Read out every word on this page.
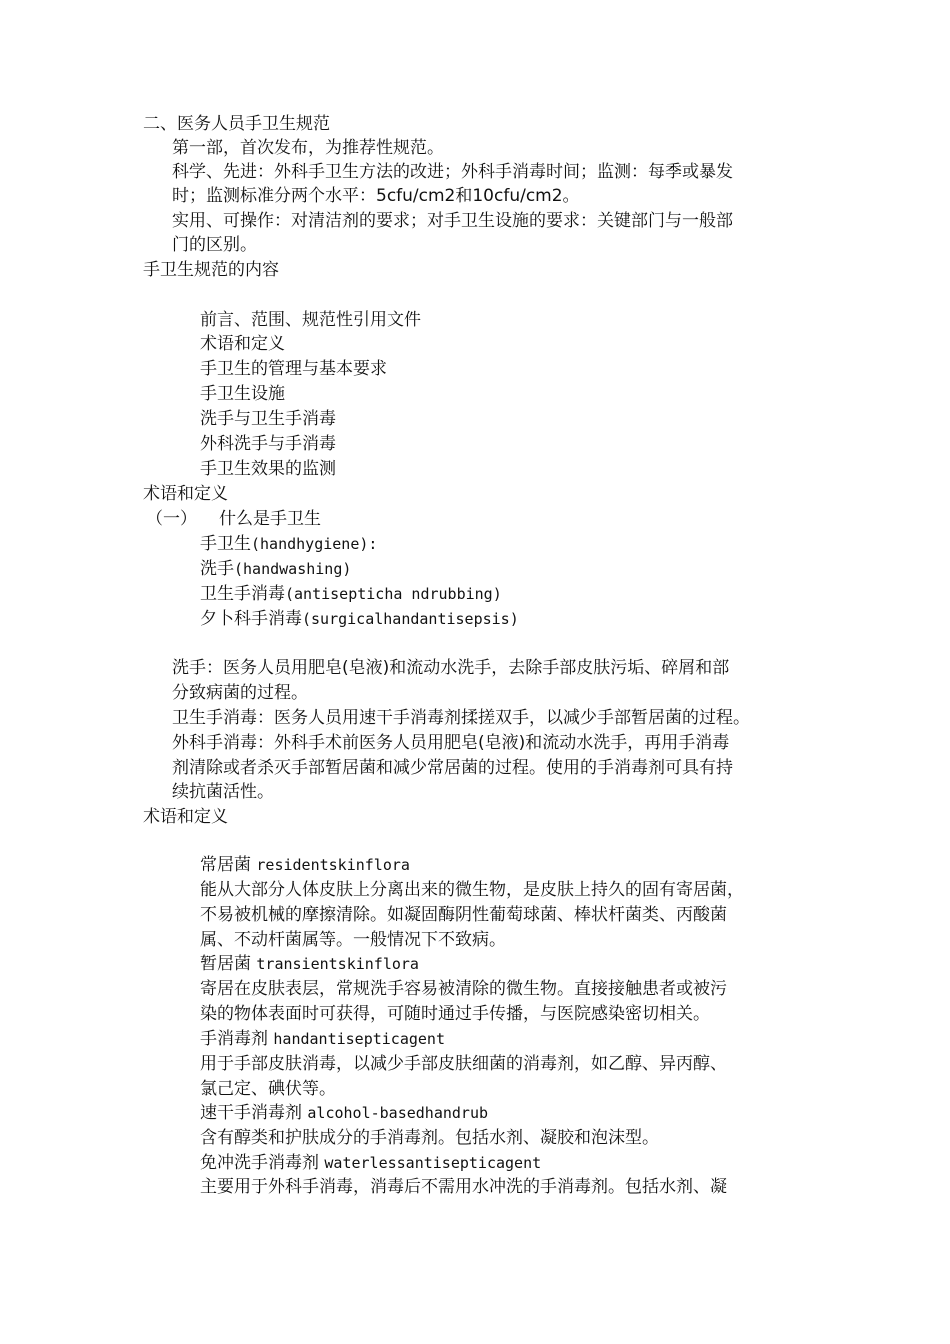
二、医务人员手卫生规范
第一部，首次发布，为推荐性规范。
科学、先进：外科手卫生方法的改进；外科手消毒时间；监测：每季或暴发
时；监测标准分两个水平：5cfu/cm2和10cfu/cm2。
实用、可操作：对清洁剂的要求；对手卫生设施的要求：关键部门与一般部
门的区别。
手卫生规范的内容
前言、范围、规范性引用文件
术语和定义
手卫生的管理与基本要求
手卫生设施
洗手与卫生手消毒
外科洗手与手消毒
手卫生效果的监测
术语和定义
（一） 什么是手卫生
手卫生(handhygiene):
洗手(handwashing)
卫生手消毒(antisepticha ndrubbing)
夕卜科手消毒(surgicalhandantisepsis)
洗手：医务人员用肥皂(皂液)和流动水洗手，去除手部皮肤污垢、碎屑和部
分致病菌的过程。
卫生手消毒：医务人员用速干手消毒剂揉搓双手，以减少手部暂居菌的过程。
外科手消毒：外科手术前医务人员用肥皂(皂液)和流动水洗手，再用手消毒
剂清除或者杀灭手部暂居菌和减少常居菌的过程。使用的手消毒剂可具有持
续抗菌活性。
术语和定义
常居菌 residentskinflora
能从大部分人体皮肤上分离出来的微生物，是皮肤上持久的固有寄居菌，
不易被机械的摩擦清除。如凝固酶阴性葡萄球菌、棒状杆菌类、丙酸菌
属、不动杆菌属等。一般情况下不致病。
暂居菌 transientskinflora
寄居在皮肤表层，常规洗手容易被清除的微生物。直接接触患者或被污
染的物体表面时可获得，可随时通过手传播，与医院感染密切相关。
手消毒剂 handantisepticagent
用于手部皮肤消毒，以减少手部皮肤细菌的消毒剂，如乙醇、异丙醇、
氯己定、碘伏等。
速干手消毒剂 alcohol-basedhandrub
含有醇类和护肤成分的手消毒剂。包括水剂、凝胶和泡沫型。
免冲洗手消毒剂 waterlessantisepticagent
主要用于外科手消毒，消毒后不需用水冲洗的手消毒剂。包括水剂、凝
